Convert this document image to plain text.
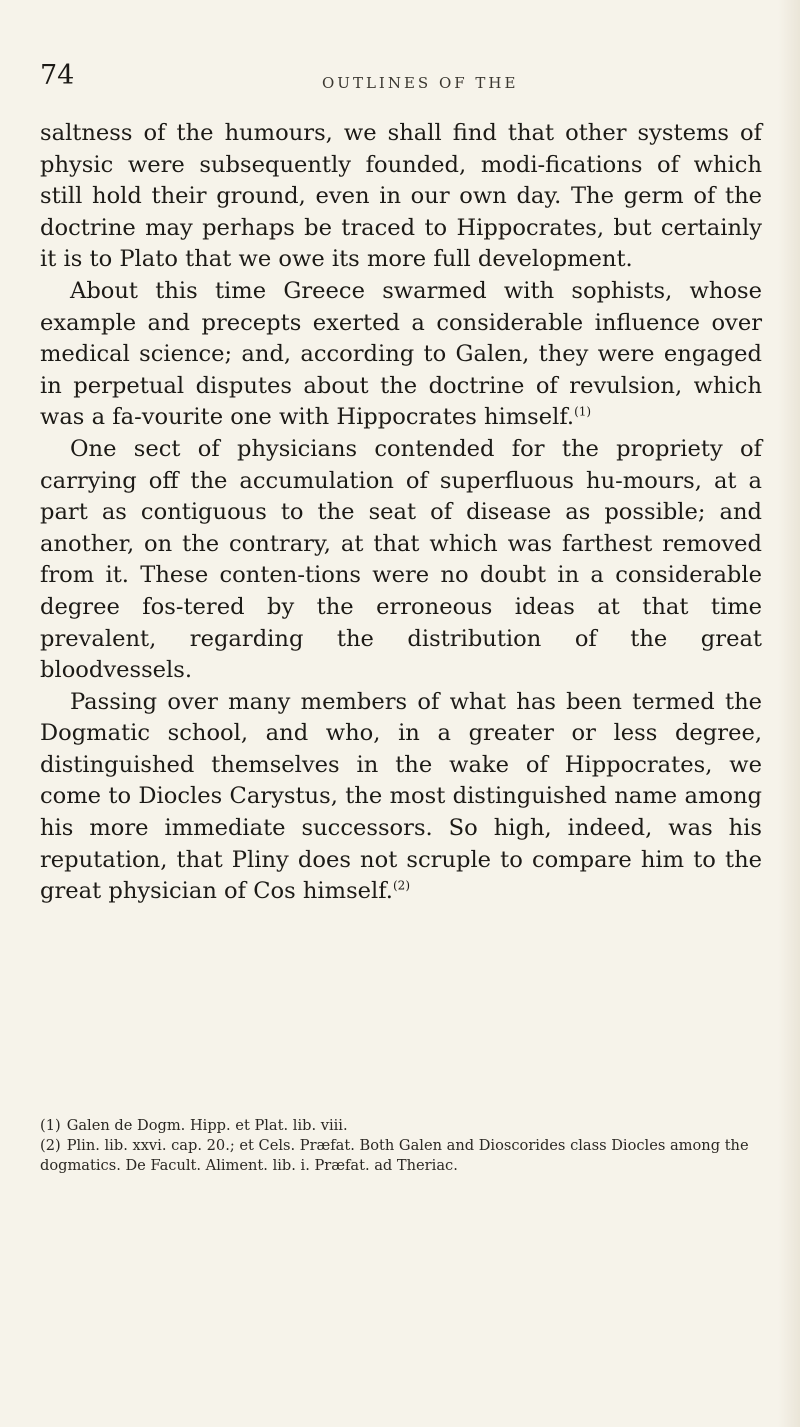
74	OUTLINES OF THE

saltness of the humours, we shall find that other systems of physic were subsequently founded, modi-fications of which still hold their ground, even in our own day. The germ of the doctrine may perhaps be traced to Hippocrates, but certainly it is to Plato that we owe its more full development.

About this time Greece swarmed with sophists, whose example and precepts exerted a considerable influence over medical science; and, according to Galen, they were engaged in perpetual disputes about the doctrine of revulsion, which was a fa-vourite one with Hippocrates himself.$^{(1)}$

One sect of physicians contended for the propriety of carrying off the accumulation of superfluous hu-mours, at a part as contiguous to the seat of disease as possible; and another, on the contrary, at that which was farthest removed from it. These conten-tions were no doubt in a considerable degree fos-tered by the erroneous ideas at that time prevalent, regarding the distribution of the great bloodvessels.

Passing over many members of what has been termed the Dogmatic school, and who, in a greater or less degree, distinguished themselves in the wake of Hippocrates, we come to Diocles Carystus, the most distinguished name among his more immediate successors. So high, indeed, was his reputation, that Pliny does not scruple to compare him to the great physician of Cos himself.$^{(2)}$

(1) Galen de Dogm. Hipp. et Plat. lib. viii.

(2) Plin. lib. xxvi. cap. 20.; et Cels. Præfat. Both Galen and Dioscorides class Diocles among the dogmatics. De Facult. Aliment. lib. i. Præfat. ad Theriac.
